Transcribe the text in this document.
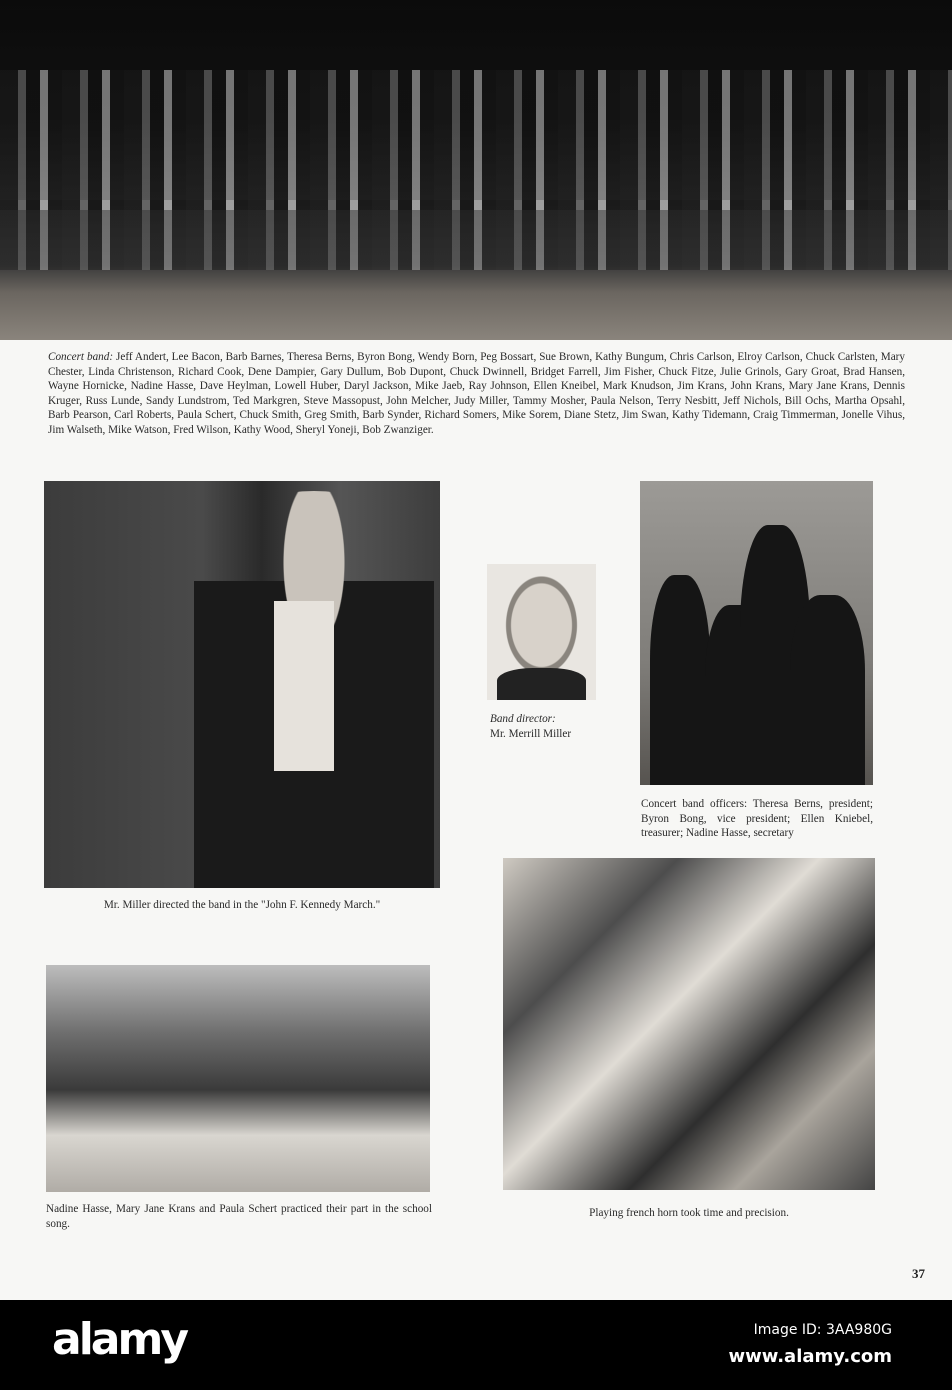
Concert band: Jeff Andert, Lee Bacon, Barb Barnes, Theresa Berns, Byron Bong, Wendy Born, Peg Bossart, Sue Brown, Kathy Bungum, Chris Carlson, Elroy Carlson, Chuck Carlsten, Mary Chester, Linda Christenson, Richard Cook, Dene Dampier, Gary Dullum, Bob Dupont, Chuck Dwinnell, Bridget Farrell, Jim Fisher, Chuck Fitze, Julie Grinols, Gary Groat, Brad Hansen, Wayne Hornicke, Nadine Hasse, Dave Heylman, Lowell Huber, Daryl Jackson, Mike Jaeb, Ray Johnson, Ellen Kneibel, Mark Knudson, Jim Krans, John Krans, Mary Jane Krans, Dennis Kruger, Russ Lunde, Sandy Lundstrom, Ted Markgren, Steve Massopust, John Melcher, Judy Miller, Tammy Mosher, Paula Nelson, Terry Nesbitt, Jeff Nichols, Bill Ochs, Martha Opsahl, Barb Pearson, Carl Roberts, Paula Schert, Chuck Smith, Greg Smith, Barb Synder, Richard Somers, Mike Sorem, Diane Stetz, Jim Swan, Kathy Tidemann, Craig Timmerman, Jonelle Vihus, Jim Walseth, Mike Watson, Fred Wilson, Kathy Wood, Sheryl Yoneji, Bob Zwanziger.
Mr. Miller directed the band in the "John F. Kennedy March."
Band director:
Mr. Merrill Miller
Concert band officers: Theresa Berns, president; Byron Bong, vice president; Ellen Kniebel, treasurer; Nadine Hasse, secretary
Nadine Hasse, Mary Jane Krans and Paula Schert practiced their part in the school song.
Playing french horn took time and precision.
37
alamy	Image ID: 3AA980G
www.alamy.com
